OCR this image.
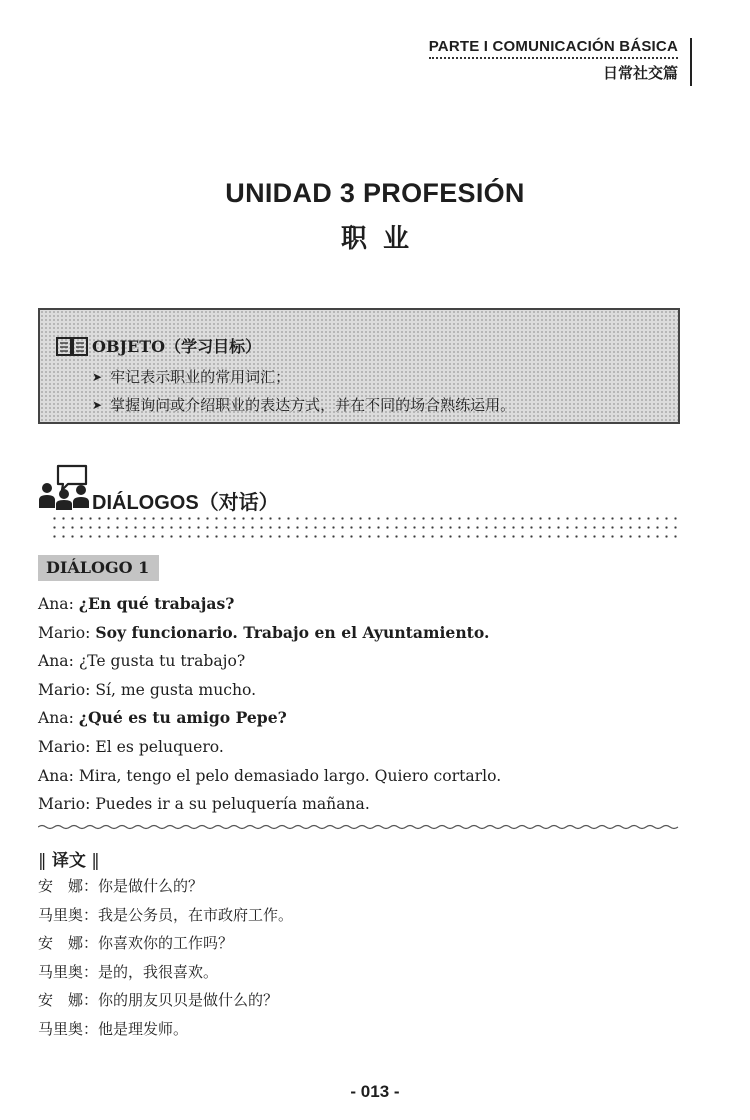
PARTE I COMUNICACIÓN BÁSICA
日常社交篇
UNIDAD 3 PROFESIÓN
职业
OBJETO（学习目标）
➤ 牢记表示职业的常用词汇；
➤ 掌握询问或介绍职业的表达方式，并在不同的场合熟练运用。
DIÁLOGOS（对话）
DIÁLOGO 1
Ana: ¿En qué trabajas?
Mario: Soy funcionario. Trabajo en el Ayuntamiento.
Ana: ¿Te gusta tu trabajo?
Mario: Sí, me gusta mucho.
Ana: ¿Qué es tu amigo Pepe?
Mario: El es peluquero.
Ana: Mira, tengo el pelo demasiado largo. Quiero cortarlo.
Mario: Puedes ir a su peluquería mañana.
‖ 译文 ‖
安　娜：你是做什么的？
马里奥：我是公务员，在市政府工作。
安　娜：你喜欢你的工作吗？
马里奥：是的，我很喜欢。
安　娜：你的朋友贝贝是做什么的？
马里奥：他是理发师。
- 013 -
